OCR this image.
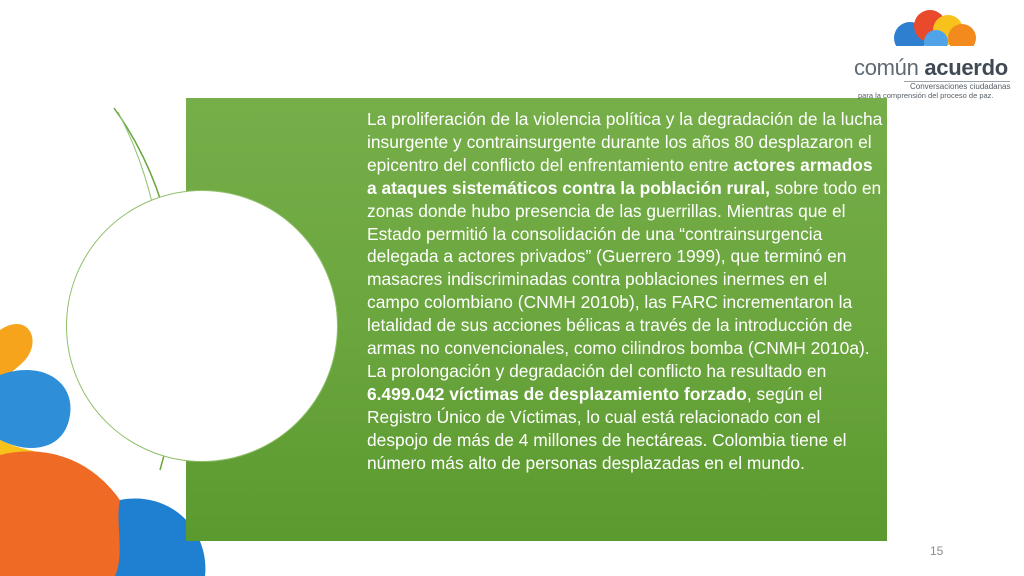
La proliferación de la violencia política y la degradación de la lucha insurgente y contrainsurgente durante los años 80 desplazaron el epicentro del conflicto del enfrentamiento entre actores armados a ataques sistemáticos contra la población rural, sobre todo en zonas donde hubo presencia de las guerrillas. Mientras que el Estado permitió la consolidación de una “contrainsurgencia delegada a actores privados” (Guerrero 1999), que terminó en masacres indiscriminadas contra poblaciones inermes en el campo colombiano (CNMH 2010b), las FARC incrementaron la letalidad de sus acciones bélicas a través de la introducción de armas no convencionales, como cilindros bomba (CNMH 2010a). La prolongación y degradación del conflicto ha resultado en 6.499.042 víctimas de desplazamiento forzado, según el Registro Único de Víctimas, lo cual está relacionado con el despojo de más de 4 millones de hectáreas. Colombia tiene el número más alto de personas desplazadas en el mundo.
común acuerdo
Conversaciones ciudadanas
para la comprensión del proceso de paz.
15
